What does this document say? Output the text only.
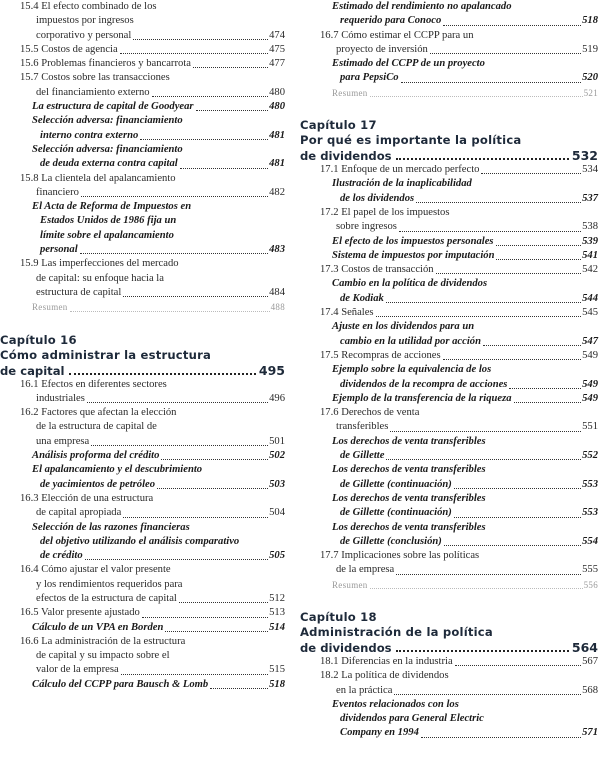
15.4 El efecto combinado de los
impuestos por ingresos
corporativo y personal	474
15.5 Costos de agencia	475
15.6 Problemas financieros y bancarrota	477
15.7 Costos sobre las transacciones
del financiamiento externo	480
La estructura de capital de Goodyear	480
Selección adversa: financiamiento
interno contra externo	481
Selección adversa: financiamiento
de deuda externa contra capital	481
15.8 La clientela del apalancamiento
financiero	482
El Acta de Reforma de Impuestos en
Estados Unidos de 1986 fija un
límite sobre el apalancamiento
personal	483
15.9 Las imperfecciones del mercado
de capital: su enfoque hacia la
estructura de capital	484
Resumen	488
Capítulo 16
Cómo administrar la estructura
de capital	495
16.1 Efectos en diferentes sectores
industriales	496
16.2 Factores que afectan la elección
de la estructura de capital de
una empresa	501
Análisis proforma del crédito	502
El apalancamiento y el descubrimiento
de yacimientos de petróleo	503
16.3 Elección de una estructura
de capital apropiada	504
Selección de las razones financieras
del objetivo utilizando el análisis comparativo
de crédito	505
16.4 Cómo ajustar el valor presente
y los rendimientos requeridos para
efectos de la estructura de capital	512
16.5 Valor presente ajustado	513
Cálculo de un VPA en Borden	514
16.6 La administración de la estructura
de capital y su impacto sobre el
valor de la empresa	515
Cálculo del CCPP para Bausch & Lomb	518
Estimado del rendimiento no apalancado
requerido para Conoco	518
16.7 Cómo estimar el CCPP para un
proyecto de inversión	519
Estimado del CCPP de un proyecto
para PepsiCo	520
Resumen	521
Capítulo 17
Por qué es importante la política
de dividendos	532
17.1 Enfoque de un mercado perfecto	534
Ilustración de la inaplicabilidad
de los dividendos	537
17.2 El papel de los impuestos
sobre ingresos	538
El efecto de los impuestos personales	539
Sistema de impuestos por imputación	541
17.3 Costos de transacción	542
Cambio en la política de dividendos
de Kodiak	544
17.4 Señales	545
Ajuste en los dividendos para un
cambio en la utilidad por acción	547
17.5 Recompras de acciones	549
Ejemplo sobre la equivalencia de los
dividendos de la recompra de acciones	549
Ejemplo de la transferencia de la riqueza	549
17.6 Derechos de venta
transferibles	551
Los derechos de venta transferibles
de Gillette	552
Los derechos de venta transferibles
de Gillette (continuación)	553
Los derechos de venta transferibles
de Gillette (continuación)	553
Los derechos de venta transferibles
de Gillette (conclusión)	554
17.7 Implicaciones sobre las políticas
de la empresa	555
Resumen	556
Capítulo 18
Administración de la política
de dividendos	564
18.1 Diferencias en la industria	567
18.2 La política de dividendos
en la práctica	568
Eventos relacionados con los
dividendos para General Electric
Company en 1994	571
